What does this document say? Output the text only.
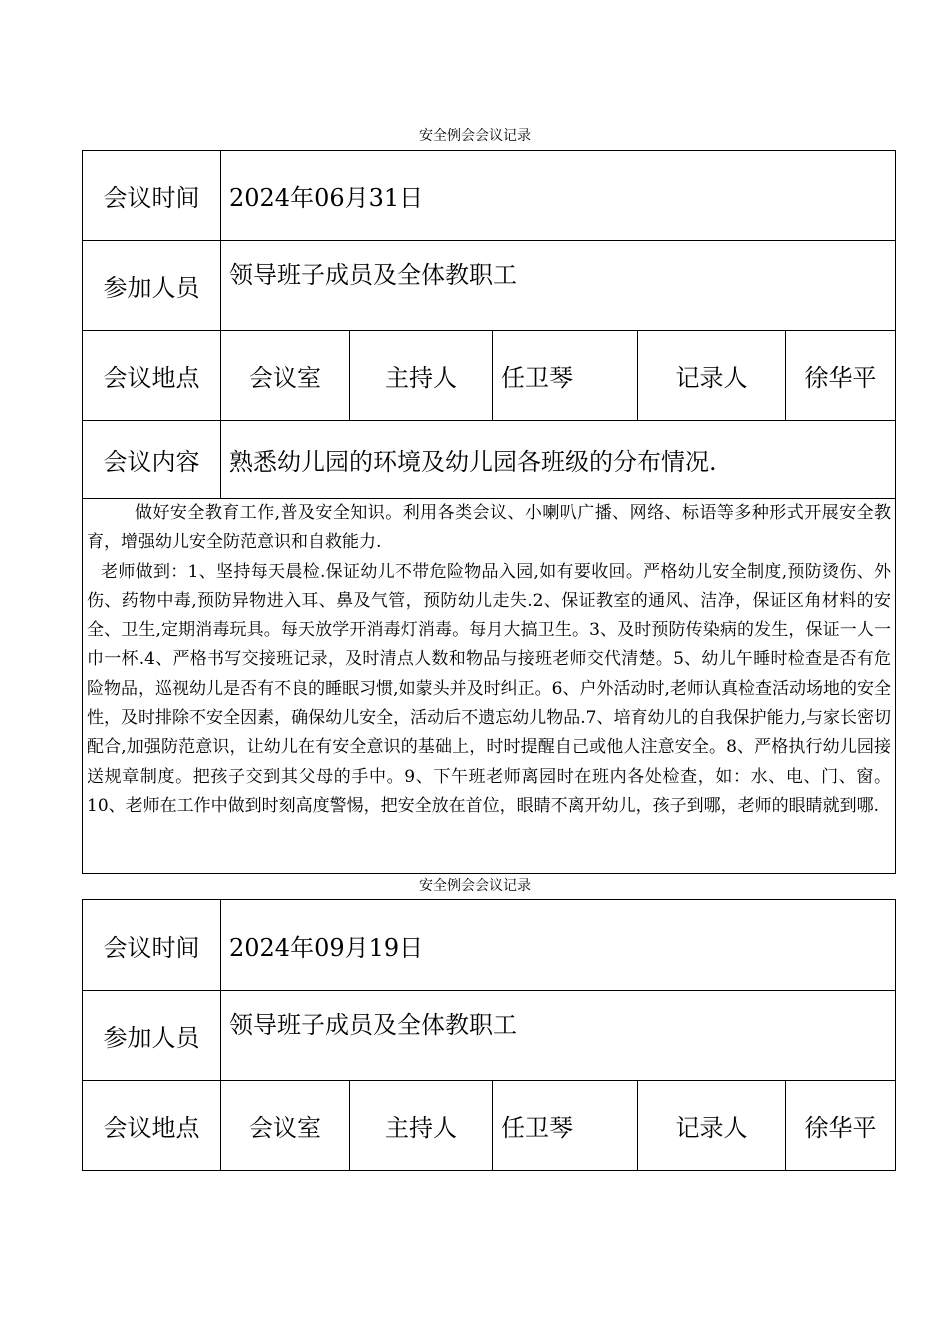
安全例会会议记录
会议时间	2024年06月31日				
参加人员	领导班子成员及全体教职工				
会议地点	会议室	主持人	任卫琴	记录人	徐华平
会议内容	熟悉幼儿园的环境及幼儿园各班级的分布情况.				

做好安全教育工作,普及安全知识。利用各类会议、小喇叭广播、网络、标语等多种形式开展安全教育，增强幼儿安全防范意识和自救能力.

老师做到：1、坚持每天晨检.保证幼儿不带危险物品入园,如有要收回。严格幼儿安全制度,预防烫伤、外伤、药物中毒,预防异物进入耳、鼻及气管，预防幼儿走失.2、保证教室的通风、洁净，保证区角材料的安全、卫生,定期消毒玩具。每天放学开消毒灯消毒。每月大搞卫生。3、及时预防传染病的发生，保证一人一巾一杯.4、严格书写交接班记录，及时清点人数和物品与接班老师交代清楚。5、幼儿午睡时检查是否有危险物品，巡视幼儿是否有不良的睡眠习惯,如蒙头并及时纠正。6、户外活动时,老师认真检查活动场地的安全性，及时排除不安全因素，确保幼儿安全，活动后不遗忘幼儿物品.7、培育幼儿的自我保护能力,与家长密切配合,加强防范意识，让幼儿在有安全意识的基础上，时时提醒自己或他人注意安全。8、严格执行幼儿园接送规章制度。把孩子交到其父母的手中。9、下午班老师离园时在班内各处检查，如：水、电、门、窗。10、老师在工作中做到时刻高度警惕，把安全放在首位，眼睛不离开幼儿，孩子到哪，老师的眼睛就到哪.					

安全例会会议记录
会议时间	2024年09月19日				
参加人员	领导班子成员及全体教职工				
会议地点	会议室	主持人	任卫琴	记录人	徐华平
